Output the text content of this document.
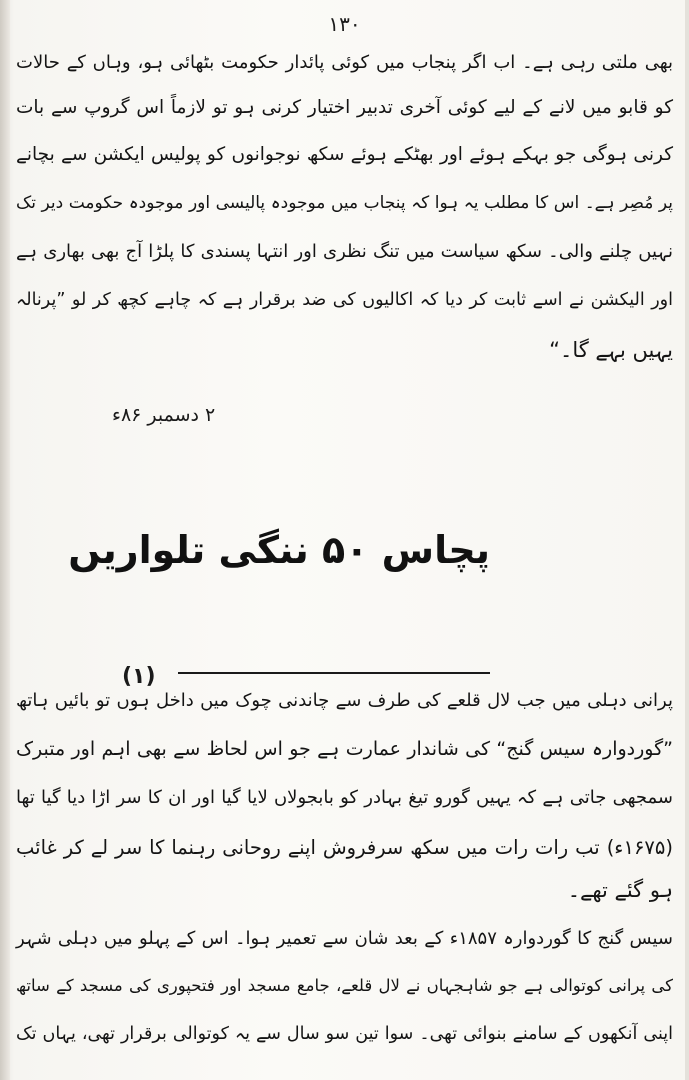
۱۳۰
بھی ملتی رہی ہے۔ اب اگر پنجاب میں کوئی پائدار حکومت بٹھائی ہو، وہاں کے حالات
کو قابو میں لانے کے لیے کوئی آخری تدبیر اختیار کرنی ہو تو لازماً اس گروپ سے بات
کرنی ہوگی جو بہکے ہوئے اور بھٹکے ہوئے سکھ نوجوانوں کو پولیس ایکشن سے بچانے
پر مُصِر ہے۔ اس کا مطلب یہ ہوا کہ پنجاب میں موجودہ پالیسی اور موجودہ حکومت دیر تک
نہیں چلنے والی۔ سکھ سیاست میں تنگ نظری اور انتہا پسندی کا پلڑا آج بھی بھاری ہے
اور الیکشن نے اسے ثابت کر دیا کہ اکالیوں کی ضد برقرار ہے کہ چاہے کچھ کر لو ”پرنالہ
یہیں بہے گا۔“
۲ دسمبر ۸۶ء
پچاس ۵۰ ننگی تلواریں
(۱)
پرانی دہلی میں جب لال قلعے کی طرف سے چاندنی چوک میں داخل ہوں تو بائیں ہاتھ
”گوردوارہ سیس گنج“ کی شاندار عمارت ہے جو اس لحاظ سے بھی اہم اور متبرک
سمجھی جاتی ہے کہ یہیں گورو تیغ بہادر کو بابجولاں لایا گیا اور ان کا سر اڑا دیا گیا تھا
(۱۶۷۵ء) تب رات رات میں سکھ سرفروش اپنے روحانی رہنما کا سر لے کر غائب
ہو گئے تھے۔
سیس گنج کا گوردوارہ ۱۸۵۷ء کے بعد شان سے تعمیر ہوا۔ اس کے پہلو میں دہلی شہر
کی پرانی کوتوالی ہے جو شاہجہاں نے لال قلعے، جامع مسجد اور فتحپوری کی مسجد کے ساتھ
اپنی آنکھوں کے سامنے بنوائی تھی۔ سوا تین سو سال سے یہ کوتوالی برقرار تھی، یہاں تک
